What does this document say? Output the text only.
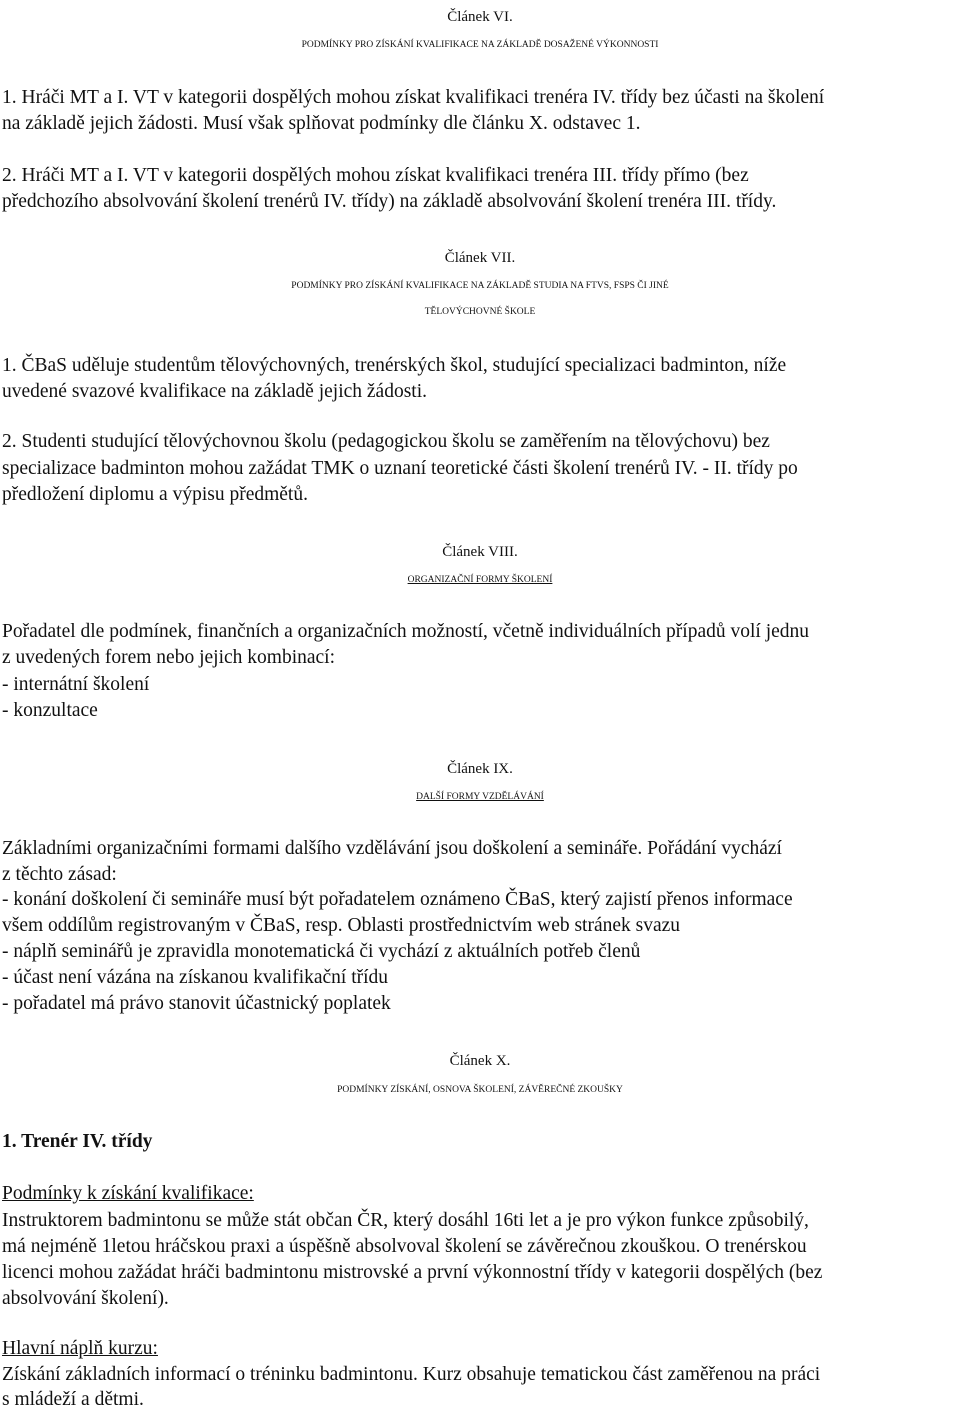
Článek VI.
PODMÍNKY PRO ZÍSKÁNÍ KVALIFIKACE NA ZÁKLADĚ DOSAŽENÉ VÝKONNOSTI
1. Hráči MT a I. VT v kategorii dospělých mohou získat kvalifikaci trenéra IV. třídy bez účasti na školení
na základě jejich žádosti. Musí však splňovat podmínky dle článku X. odstavec 1.
2. Hráči MT a I. VT v kategorii dospělých mohou získat kvalifikaci trenéra III. třídy přímo (bez
předchozího absolvování školení trenérů IV. třídy) na základě absolvování školení trenéra III. třídy.
Článek VII.
PODMÍNKY PRO ZÍSKÁNÍ KVALIFIKACE NA ZÁKLADĚ STUDIA NA FTVS, FSPS ČI JINÉ
TĚLOVÝCHOVNÉ ŠKOLE
1. ČBaS uděluje studentům tělovýchovných, trenérských škol, studující specializaci badminton, níže
uvedené svazové kvalifikace na základě jejich žádosti.
2. Studenti studující tělovýchovnou školu (pedagogickou školu se zaměřením na tělovýchovu) bez
specializace badminton mohou zažádat TMK o uznaní teoretické části školení trenérů IV. - II. třídy po
předložení diplomu a výpisu předmětů.
Článek VIII.
ORGANIZAČNÍ FORMY ŠKOLENÍ
Pořadatel dle podmínek, finančních a organizačních možností, včetně individuálních případů volí jednu
z uvedených forem nebo jejich kombinací:
- internátní školení
- konzultace
Článek IX.
DALŠÍ FORMY VZDĚLÁVÁNÍ
Základními organizačními formami dalšího vzdělávání jsou doškolení a semináře. Pořádání vychází
z těchto zásad:
- konání doškolení či semináře musí být pořadatelem oznámeno ČBaS, který zajistí přenos informace
všem oddílům registrovaným v ČBaS, resp. Oblasti prostřednictvím web stránek svazu
- náplň seminářů je zpravidla monotematická či vychází z aktuálních potřeb členů
- účast není vázána na získanou kvalifikační třídu
- pořadatel má právo stanovit účastnický poplatek
Článek X.
PODMÍNKY ZÍSKÁNÍ, OSNOVA ŠKOLENÍ, ZÁVĚREČNÉ ZKOUŠKY
1. Trenér IV. třídy
Podmínky k získání kvalifikace:
Instruktorem badmintonu se může stát občan ČR, který dosáhl 16ti let a je pro výkon funkce způsobilý,
má nejméně 1letou hráčskou praxi a úspěšně absolvoval školení se závěrečnou zkouškou. O trenérskou
licenci mohou zažádat hráči badmintonu mistrovské a první výkonnostní třídy v kategorii dospělých (bez
absolvování školení).
Hlavní náplň kurzu:
Získání základních informací o tréninku badmintonu. Kurz obsahuje tematickou část zaměřenou na práci
s mládeží a dětmi.
